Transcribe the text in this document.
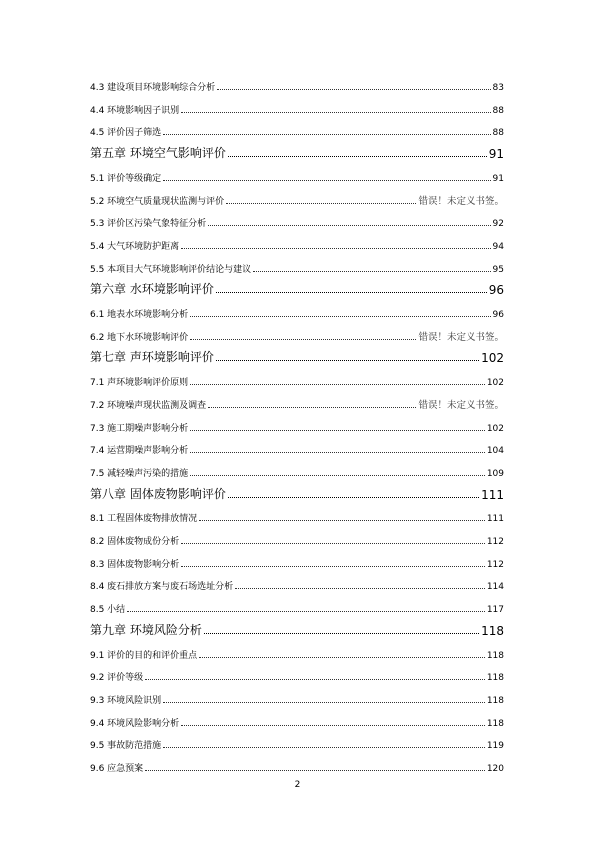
4.3 建设项目环境影响综合分析	83
4.4 环境影响因子识别	88
4.5 评价因子筛选	88
第五章 环境空气影响评价	91
5.1 评价等级确定	91
5.2 环境空气质量现状监测与评价	错误！未定义书签。
5.3 评价区污染气象特征分析	92
5.4 大气环境防护距离	94
5.5 本项目大气环境影响评价结论与建议	95
第六章 水环境影响评价	96
6.1 地表水环境影响分析	96
6.2 地下水环境影响评价	错误！未定义书签。
第七章 声环境影响评价	102
7.1 声环境影响评价原则	102
7.2 环境噪声现状监测及调查	错误！未定义书签。
7.3 施工期噪声影响分析	102
7.4 运营期噪声影响分析	104
7.5 减轻噪声污染的措施	109
第八章 固体废物影响评价	111
8.1 工程固体废物排放情况	111
8.2 固体废物成份分析	112
8.3 固体废物影响分析	112
8.4 废石排放方案与废石场选址分析	114
8.5 小结	117
第九章 环境风险分析	118
9.1 评价的目的和评价重点	118
9.2 评价等级	118
9.3 环境风险识别	118
9.4 环境风险影响分析	118
9.5 事故防范措施	119
9.6 应急预案	120
2
